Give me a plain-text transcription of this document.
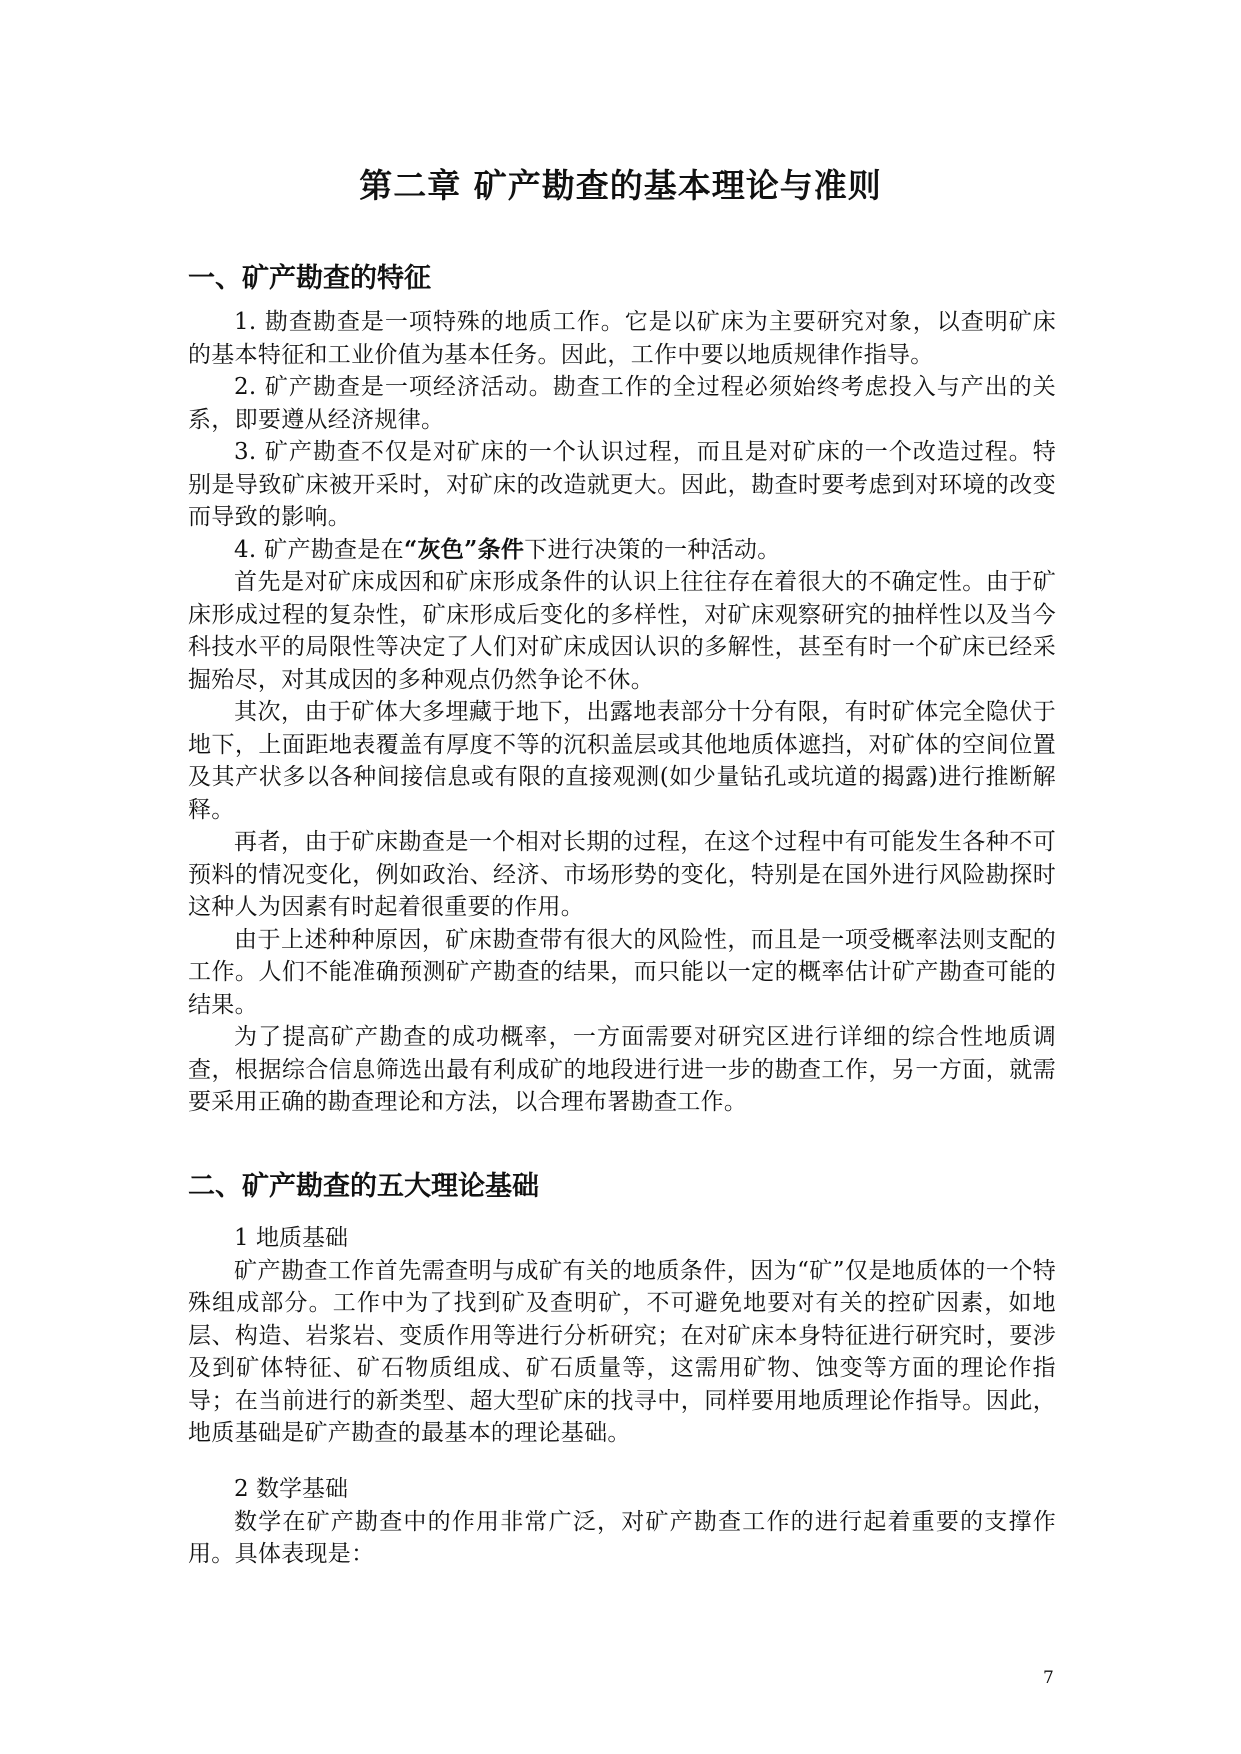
第二章 矿产勘查的基本理论与准则
一、矿产勘查的特征

1. 勘查勘查是一项特殊的地质工作。它是以矿床为主要研究对象，以查明矿床的基本特征和工业价值为基本任务。因此，工作中要以地质规律作指导。

2. 矿产勘查是一项经济活动。勘查工作的全过程必须始终考虑投入与产出的关系，即要遵从经济规律。

3. 矿产勘查不仅是对矿床的一个认识过程，而且是对矿床的一个改造过程。特别是导致矿床被开采时，对矿床的改造就更大。因此，勘查时要考虑到对环境的改变而导致的影响。

4. 矿产勘查是在“灰色”条件下进行决策的一种活动。

首先是对矿床成因和矿床形成条件的认识上往往存在着很大的不确定性。由于矿床形成过程的复杂性，矿床形成后变化的多样性，对矿床观察研究的抽样性以及当今科技水平的局限性等决定了人们对矿床成因认识的多解性，甚至有时一个矿床已经采掘殆尽，对其成因的多种观点仍然争论不休。

其次，由于矿体大多埋藏于地下，出露地表部分十分有限，有时矿体完全隐伏于地下，上面距地表覆盖有厚度不等的沉积盖层或其他地质体遮挡，对矿体的空间位置及其产状多以各种间接信息或有限的直接观测(如少量钻孔或坑道的揭露)进行推断解释。

再者，由于矿床勘查是一个相对长期的过程，在这个过程中有可能发生各种不可预料的情况变化，例如政治、经济、市场形势的变化，特别是在国外进行风险勘探时这种人为因素有时起着很重要的作用。

由于上述种种原因，矿床勘查带有很大的风险性，而且是一项受概率法则支配的工作。人们不能准确预测矿产勘查的结果，而只能以一定的概率估计矿产勘查可能的结果。

为了提高矿产勘查的成功概率，一方面需要对研究区进行详细的综合性地质调查，根据综合信息筛选出最有利成矿的地段进行进一步的勘查工作，另一方面，就需要采用正确的勘查理论和方法，以合理布署勘查工作。

二、矿产勘查的五大理论基础

1 地质基础

矿产勘查工作首先需查明与成矿有关的地质条件，因为“矿”仅是地质体的一个特殊组成部分。工作中为了找到矿及查明矿，不可避免地要对有关的控矿因素，如地层、构造、岩浆岩、变质作用等进行分析研究；在对矿床本身特征进行研究时，要涉及到矿体特征、矿石物质组成、矿石质量等，这需用矿物、蚀变等方面的理论作指导；在当前进行的新类型、超大型矿床的找寻中，同样要用地质理论作指导。因此，地质基础是矿产勘查的最基本的理论基础。

2 数学基础

数学在矿产勘查中的作用非常广泛，对矿产勘查工作的进行起着重要的支撑作用。具体表现是：

7
